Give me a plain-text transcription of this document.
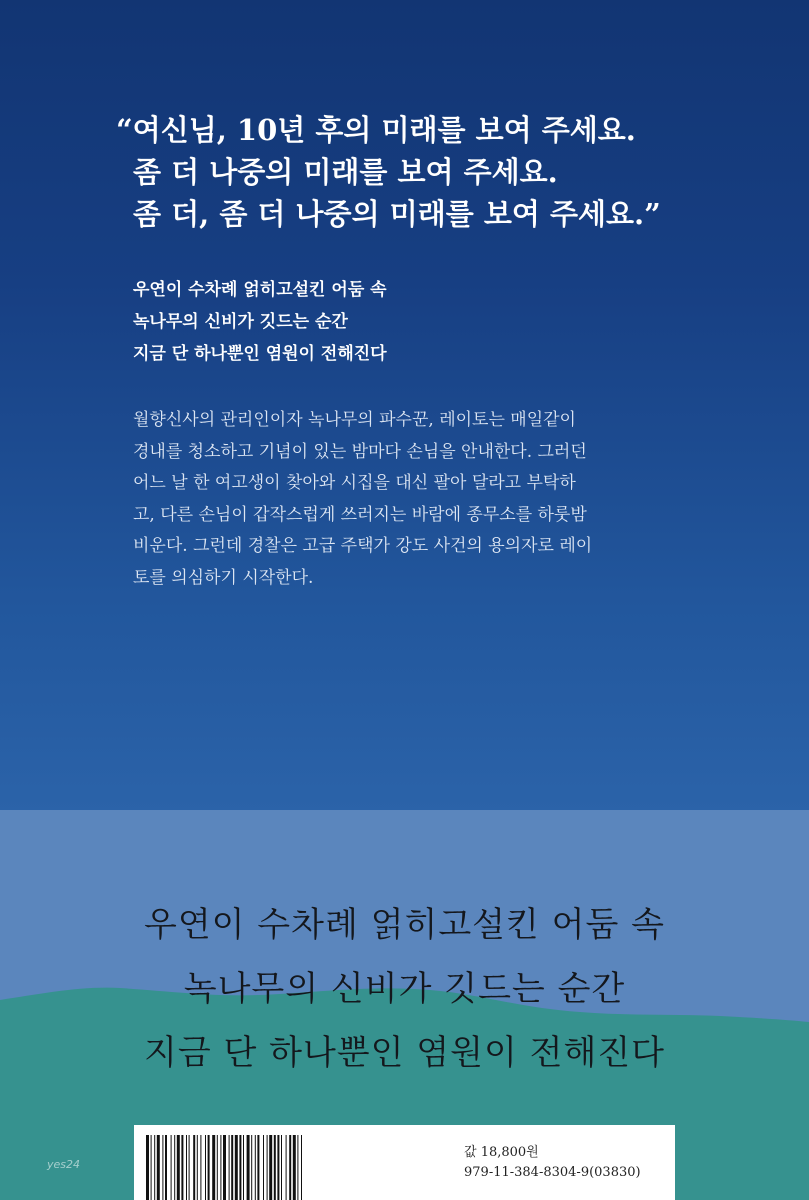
“여신님, 10년 후의 미래를 보여 주세요.
좀 더 나중의 미래를 보여 주세요.
좀 더, 좀 더 나중의 미래를 보여 주세요.”
우연이 수차례 얽히고설킨 어둠 속
녹나무의 신비가 깃드는 순간
지금 단 하나뿐인 염원이 전해진다
월향신사의 관리인이자 녹나무의 파수꾼, 레이토는 매일같이
경내를 청소하고 기념이 있는 밤마다 손님을 안내한다. 그러던
어느 날 한 여고생이 찾아와 시집을 대신 팔아 달라고 부탁하
고, 다른 손님이 갑작스럽게 쓰러지는 바람에 종무소를 하룻밤
비운다. 그런데 경찰은 고급 주택가 강도 사건의 용의자로 레이
토를 의심하기 시작한다.
우연이 수차례 얽히고설킨 어둠 속
녹나무의 신비가 깃드는 순간
지금 단 하나뿐인 염원이 전해진다
값 18,800원
979-11-384-8304-9(03830)
yes24
